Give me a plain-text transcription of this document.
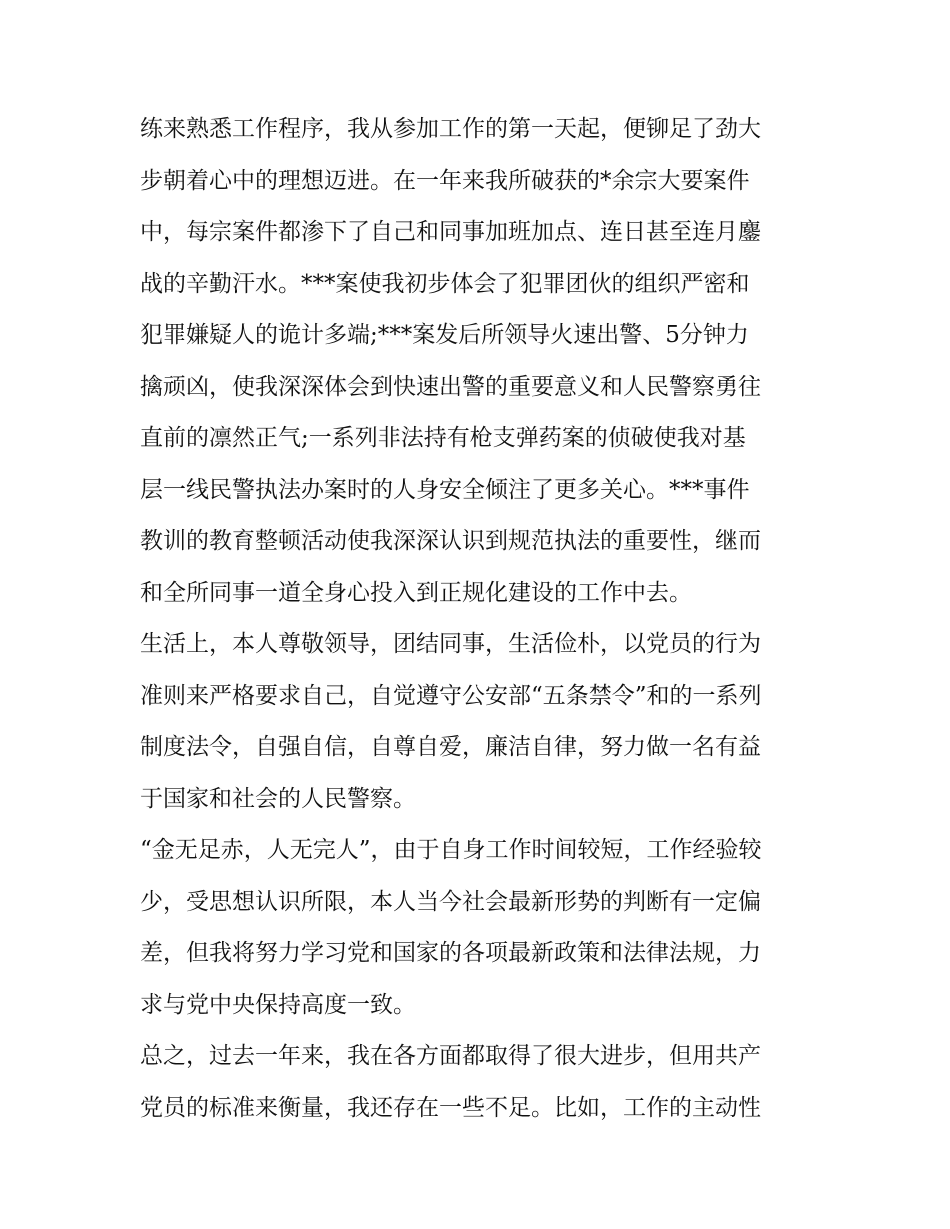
练来熟悉工作程序，我从参加工作的第一天起，便铆足了劲大
步朝着心中的理想迈进。在一年来我所破获的*余宗大要案件
中，每宗案件都渗下了自己和同事加班加点、连日甚至连月鏖
战的辛勤汗水。***案使我初步体会了犯罪团伙的组织严密和
犯罪嫌疑人的诡计多端;***案发后所领导火速出警、5分钟力
擒顽凶，使我深深体会到快速出警的重要意义和人民警察勇往
直前的凛然正气;一系列非法持有枪支弹药案的侦破使我对基
层一线民警执法办案时的人身安全倾注了更多关心。***事件
教训的教育整顿活动使我深深认识到规范执法的重要性，继而
和全所同事一道全身心投入到正规化建设的工作中去。
生活上，本人尊敬领导，团结同事，生活俭朴，以党员的行为
准则来严格要求自己，自觉遵守公安部“五条禁令”和的一系列
制度法令，自强自信，自尊自爱，廉洁自律，努力做一名有益
于国家和社会的人民警察。
“金无足赤，人无完人”，由于自身工作时间较短，工作经验较
少，受思想认识所限，本人当今社会最新形势的判断有一定偏
差，但我将努力学习党和国家的各项最新政策和法律法规，力
求与党中央保持高度一致。
总之，过去一年来，我在各方面都取得了很大进步，但用共产
党员的标准来衡量，我还存在一些不足。比如，工作的主动性
